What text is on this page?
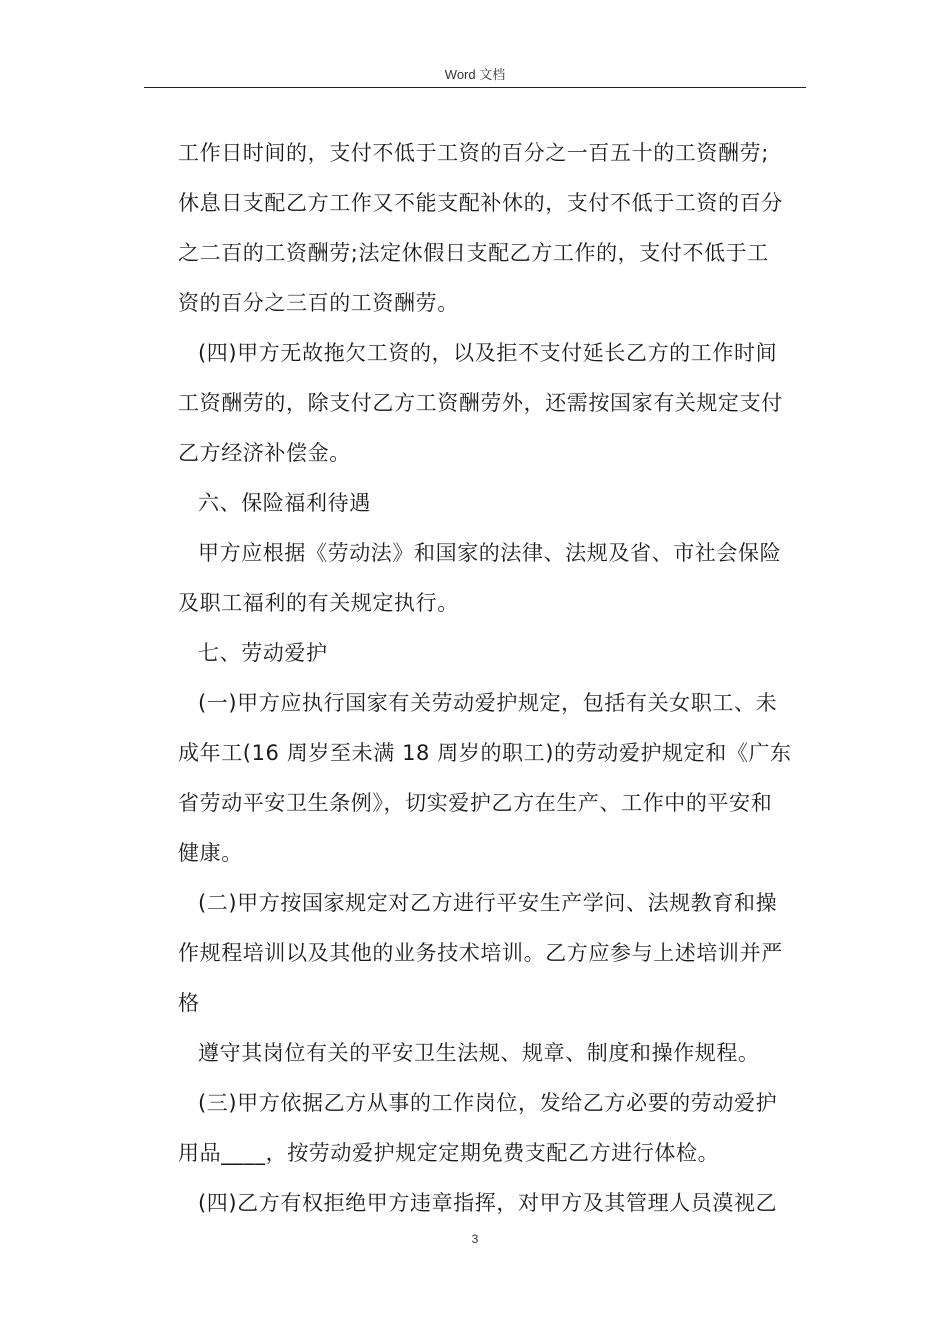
Word 文档
工作日时间的，支付不低于工资的百分之一百五十的工资酬劳;
休息日支配乙方工作又不能支配补休的，支付不低于工资的百分
之二百的工资酬劳;法定休假日支配乙方工作的，支付不低于工
资的百分之三百的工资酬劳。
(四)甲方无故拖欠工资的，以及拒不支付延长乙方的工作时间
工资酬劳的，除支付乙方工资酬劳外，还需按国家有关规定支付
乙方经济补偿金。
六、保险福利待遇
甲方应根据《劳动法》和国家的法律、法规及省、市社会保险
及职工福利的有关规定执行。
七、劳动爱护
(一)甲方应执行国家有关劳动爱护规定，包括有关女职工、未
成年工(16 周岁至未满 18 周岁的职工)的劳动爱护规定和《广东
省劳动平安卫生条例》，切实爱护乙方在生产、工作中的平安和
健康。
(二)甲方按国家规定对乙方进行平安生产学问、法规教育和操
作规程培训以及其他的业务技术培训。乙方应参与上述培训并严
格
遵守其岗位有关的平安卫生法规、规章、制度和操作规程。
(三)甲方依据乙方从事的工作岗位，发给乙方必要的劳动爱护
用品____，按劳动爱护规定定期免费支配乙方进行体检。
(四)乙方有权拒绝甲方违章指挥，对甲方及其管理人员漠视乙
3
